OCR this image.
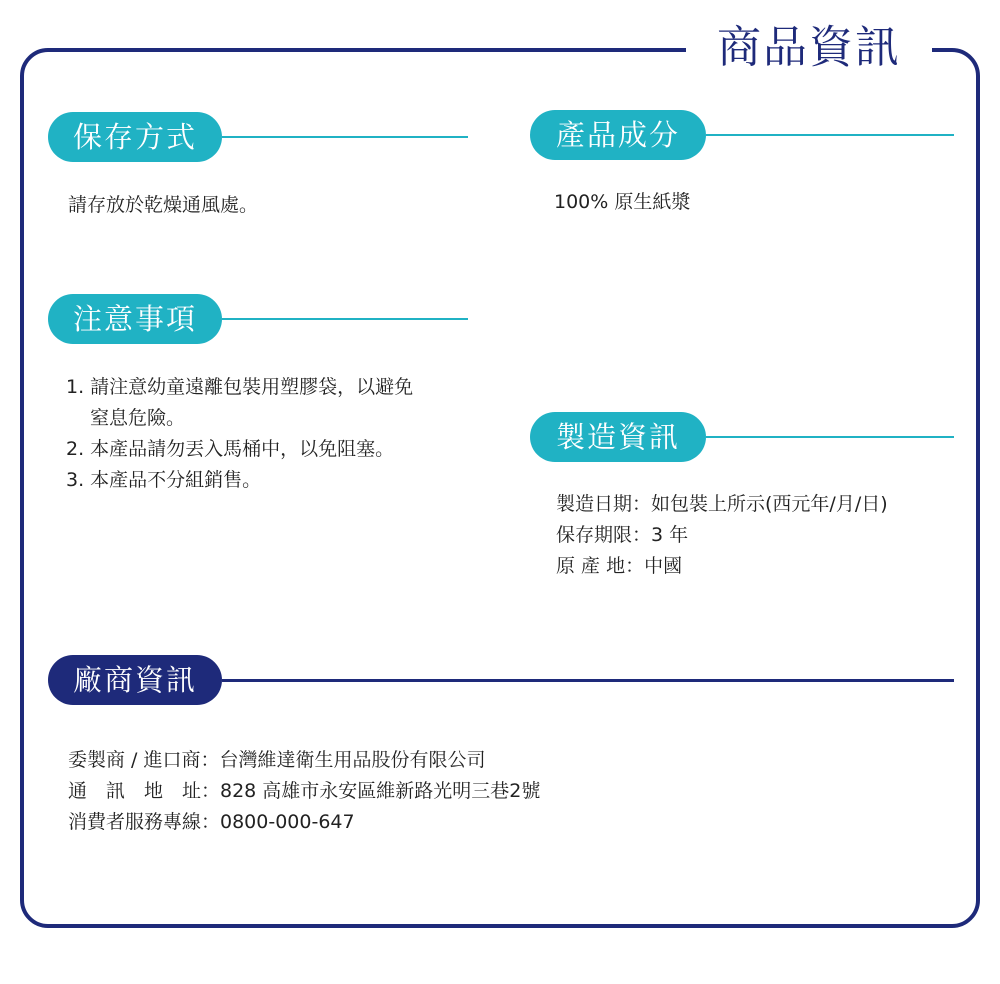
商品資訊
保存方式
請存放於乾燥通風處。
產品成分
100% 原生紙漿
注意事項
1. 請注意幼童遠離包裝用塑膠袋，以避免
窒息危險。
2. 本產品請勿丟入馬桶中，以免阻塞。
3. 本產品不分組銷售。
製造資訊
製造日期：如包裝上所示(西元年/月/日)
保存期限：3 年
原 產 地：中國
廠商資訊
委製商 / 進口商：台灣維達衛生用品股份有限公司
通　訊　地　址：828 高雄市永安區維新路光明三巷2號
消費者服務專線：0800-000-647
